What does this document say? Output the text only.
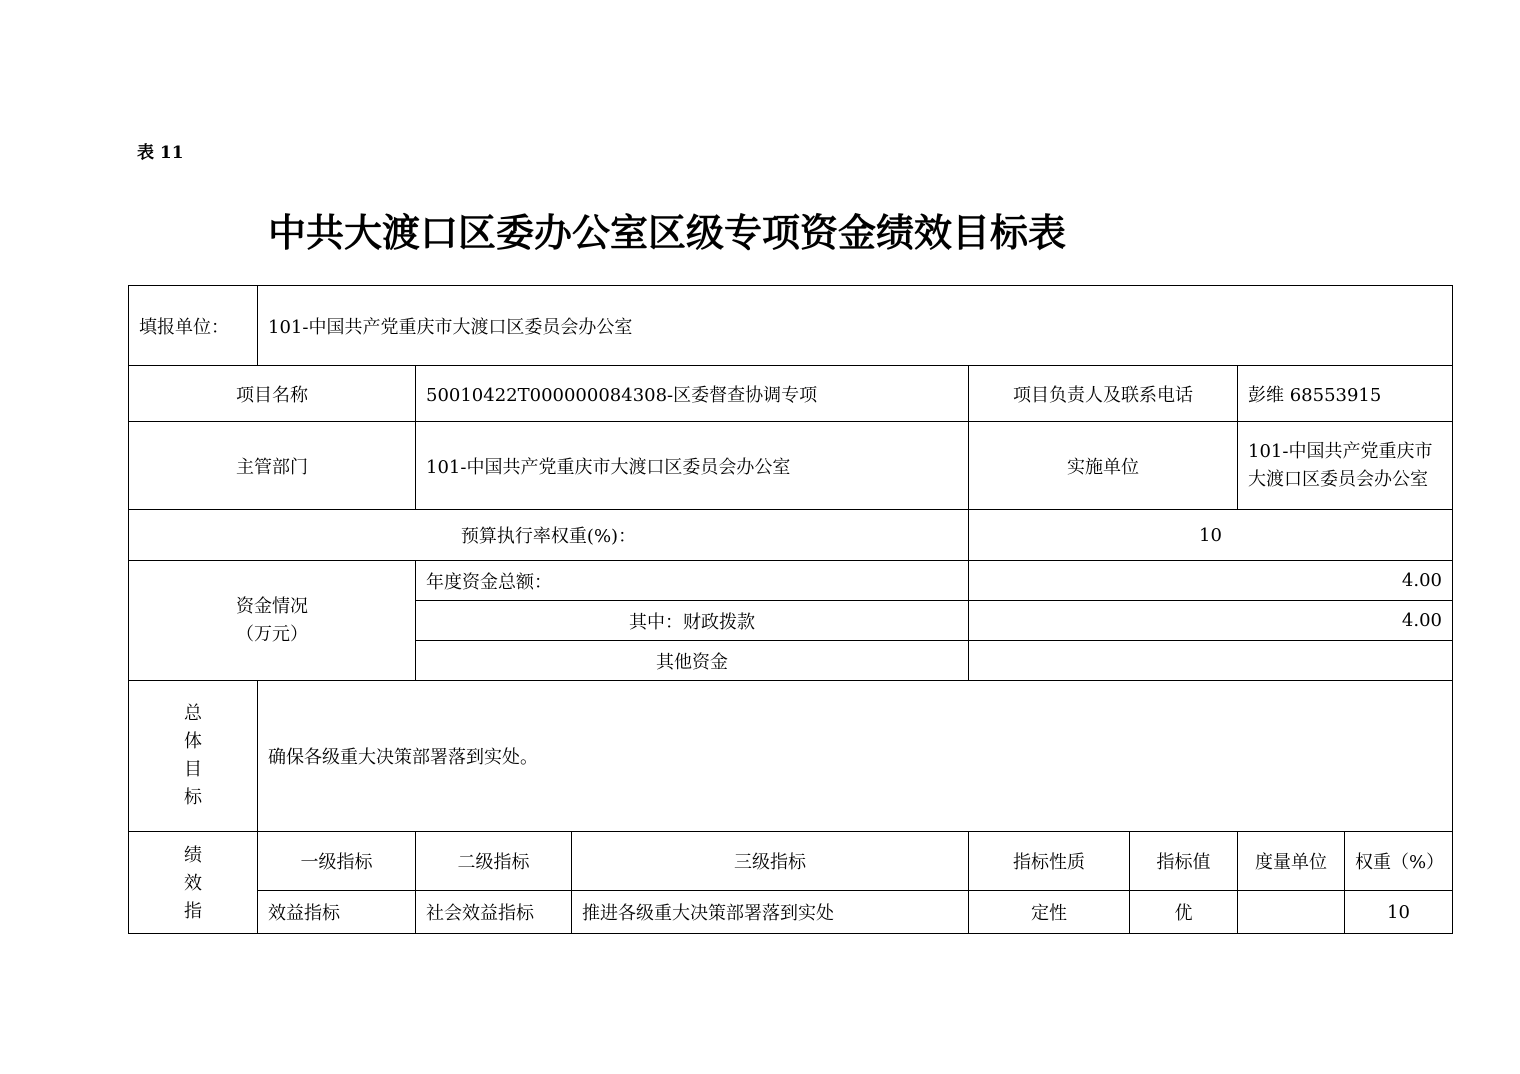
表 11
中共大渡口区委办公室区级专项资金绩效目标表
填报单位：	101-中国共产党重庆市大渡口区委员会办公室						
项目名称		50010422T000000084308-区委督查协调专项		项目负责人及联系电话		彭维 68553915	
主管部门		101-中国共产党重庆市大渡口区委员会办公室		实施单位		101-中国共产党重庆市大渡口区委员会办公室	
预算执行率权重(%)：				10			

资金情况
（万元）		年度资金总额：		4.00			
		其中：财政拨款		4.00			
		其他资金					

总
体
目
标	确保各级重大决策部署落到实处。						

绩
效
指	一级指标	二级指标	三级指标	指标性质	指标值	度量单位	权重（%）
	效益指标	社会效益指标	推进各级重大决策部署落到实处	定性	优		10
